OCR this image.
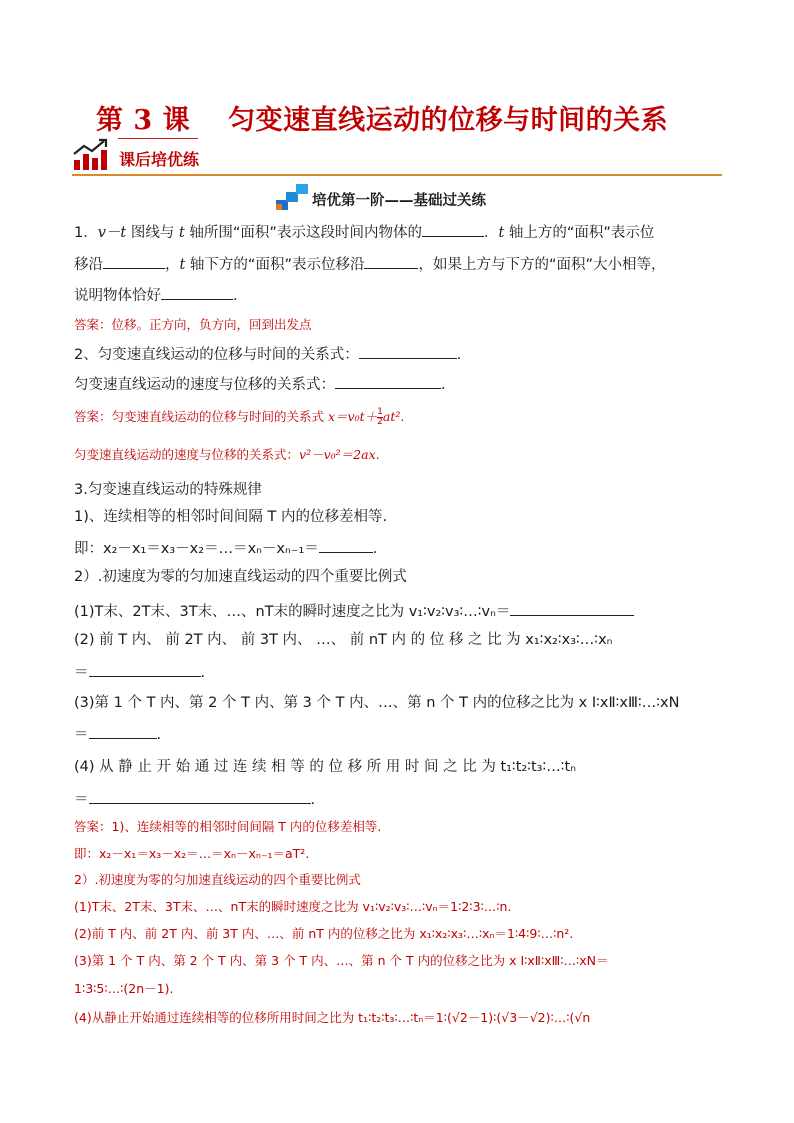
第 3 课 匀变速直线运动的位移与时间的关系
课后培优练
培优第一阶——基础过关练
1．v－t 图线与 t 轴所围“面积”表示这段时间内物体的	．t 轴上方的“面积”表示位
移沿	，t 轴下方的“面积”表示位移沿	，如果上方与下方的“面积”大小相等，
说明物体恰好	．
答案：位移。正方向，负方向，回到出发点
2、匀变速直线运动的位移与时间的关系式：	．
匀变速直线运动的速度与位移的关系式：	．
答案：匀变速直线运动的位移与时间的关系式 $x=v_0t+ \frac{1}{2} at^2$.
匀变速直线运动的速度与位移的关系式：v²－v₀²＝2ax.
3.匀变速直线运动的特殊规律
1)、连续相等的相邻时间间隔 T 内的位移差相等.
即：x₂－x₁＝x₃－x₂＝…＝xₙ－xₙ₋₁＝	.
2）.初速度为零的匀加速直线运动的四个重要比例式
(1)T末、2T末、3T末、…、nT末的瞬时速度之比为 v₁∶v₂∶v₃∶…∶vₙ＝
(2) 前 T 内、 前 2T 内、 前 3T 内、 …、 前 nT 内 的 位 移 之 比 为 x₁∶x₂∶x₃∶…∶xₙ
＝	.
(3)第 1 个 T 内、第 2 个 T 内、第 3 个 T 内、…、第 n 个 T 内的位移之比为 x Ⅰ∶xⅡ∶xⅢ∶…∶xN
＝	.
(4) 从 静 止 开 始 通 过 连 续 相 等 的 位 移 所 用 时 间 之 比 为 t₁∶t₂∶t₃∶…∶tₙ
＝	.
答案：1)、连续相等的相邻时间间隔 T 内的位移差相等.
即：x₂－x₁＝x₃－x₂＝…＝xₙ－xₙ₋₁＝aT².
2）.初速度为零的匀加速直线运动的四个重要比例式
(1)T末、2T末、3T末、…、nT末的瞬时速度之比为 v₁∶v₂∶v₃∶…∶vₙ＝1∶2∶3∶…∶n.
(2)前 T 内、前 2T 内、前 3T 内、…、前 nT 内的位移之比为 x₁∶x₂∶x₃∶…∶xₙ＝1∶4∶9∶…∶n².
(3)第 1 个 T 内、第 2 个 T 内、第 3 个 T 内、…、第 n 个 T 内的位移之比为 x Ⅰ∶xⅡ∶xⅢ∶…∶xN＝
1∶3∶5∶…∶(2n－1).
(4)从静止开始通过连续相等的位移所用时间之比为 t₁∶t₂∶t₃∶…∶tₙ＝1∶(√2－1)∶(√3－√2)∶…∶(√n
